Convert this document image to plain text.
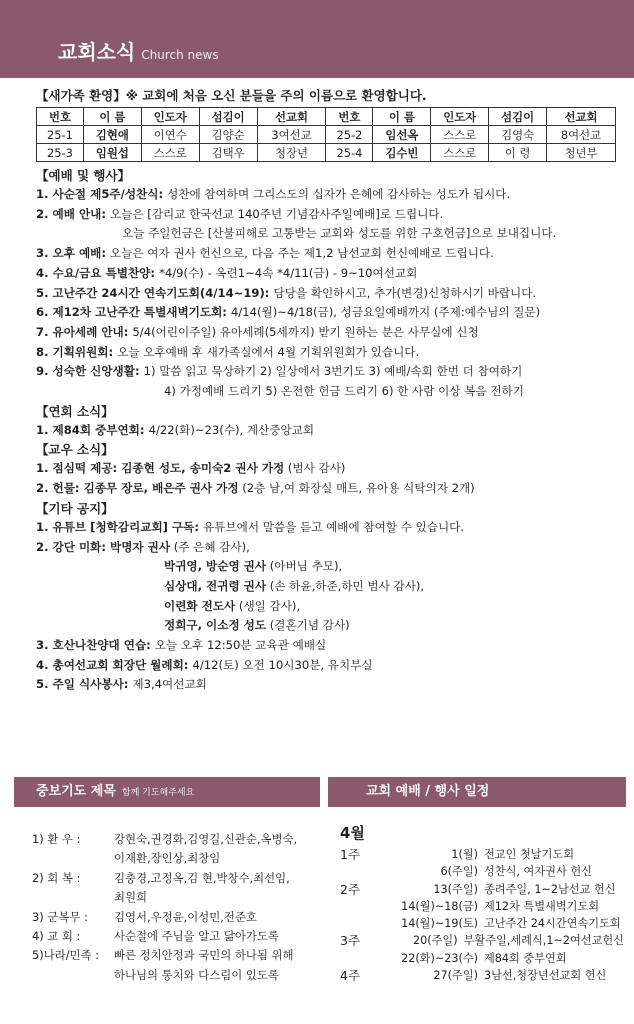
교회소식 Church news
【새가족 환영】※ 교회에 처음 오신 분들을 주의 이름으로 환영합니다.
번호	이 름	인도자	섬김이	선교회	번호	이 름	인도자	섬김이	선교회
25-1	김현애	이연수	김양순	3여선교	25-2	임선옥	스스로	김영숙	8여선교
25-3	임원섭	스스로	김택우	청장년	25-4	김수빈	스스로	이 령	청년부
【예배 및 행사】
1. 사순절 제5주/성찬식: 성찬에 참여하며 그리스도의 십자가 은혜에 감사하는 성도가 됩시다.
2. 예배 안내: 오늘은 [감리교 한국선교 140주년 기념감사주일예배]로 드립니다.
오늘 주일헌금은 [산불피해로 고통받는 교회와 성도를 위한 구호헌금]으로 보내집니다.
3. 오후 예배: 오늘은 여자 권사 헌신으로, 다음 주는 제1,2 남선교회 헌신예배로 드립니다.
4. 수요/금요 특별찬양: *4/9(수) - 옥련1~4속 *4/11(금) - 9~10여선교회
5. 고난주간 24시간 연속기도회(4/14~19): 담당을 확인하시고, 추가(변경)신청하시기 바랍니다.
6. 제12차 고난주간 특별새벽기도회: 4/14(월)~4/18(금), 성금요일예배까지 (주제:예수님의 질문)
7. 유아세례 안내: 5/4(어린이주일) 유아세례(5세까지) 받기 원하는 분은 사무실에 신청
8. 기획위원회: 오늘 오후예배 후 새가족실에서 4월 기획위원회가 있습니다.
9. 성숙한 신앙생활: 1) 말씀 읽고 묵상하기 2) 일상에서 3번기도 3) 예배/속회 한번 더 참여하기
4) 가정예배 드리기 5) 온전한 헌금 드리기 6) 한 사람 이상 복음 전하기
【연회 소식】
1. 제84회 중부연회: 4/22(화)~23(수), 계산중앙교회
【교우 소식】
1. 점심떡 제공: 김종현 성도, 송미숙2 권사 가정 (범사 감사)
2. 헌물: 김종무 장로, 배은주 권사 가정 (2층 남,여 화장실 매트, 유아용 식탁의자 2개)
【기타 공지】
1. 유튜브 [청학감리교회] 구독: 유튜브에서 말씀을 듣고 예배에 참여할 수 있습니다.
2. 강단 미화: 박명자 권사 (주 은혜 감사),
박귀영, 방순영 권사 (아버님 추모),
심상대, 전귀령 권사 (손 하윤,하준,하민 범사 감사),
이련화 전도사 (생일 감사),
정희구, 이소정 성도 (결혼기념 감사)
3. 호산나찬양대 연습: 오늘 오후 12:50분 교육관 예배실
4. 총여선교회 회장단 월례회: 4/12(토) 오전 10시30분, 유치부실
5. 주일 식사봉사: 제3,4여선교회
중보기도 제목 함께 기도해주세요	교회 예배 / 행사 일정
1) 환 우 :	강현숙,권경화,김영길,신관순,옥병숙,
이재환,장인상,최창임
2) 회 복 :	김충경,고정옥,김 현,박창수,최선임,
최원희
3) 군복무 :	김영서,우정윤,이성민,전준호
4) 교 회 :	사순절에 주님을 알고 닮아가도록
5)나라/민족 :	빠른 정치안정과 국민의 하나됨 위해
하나님의 통치와 다스림이 있도록
4월
1주	1(월) 전교인 첫날기도회
6(주일) 성찬식, 여자권사 헌신
2주	13(주일) 종려주일, 1~2남선교 헌신
14(월)~18(금) 제12차 특별새벽기도회
14(월)~19(토) 고난주간 24시간연속기도회
3주	20(주일) 부활주일,세례식,1~2여선교헌신
22(화)~23(수) 제84회 중부연회
4주	27(주일) 3남선,청장년선교회 헌신
